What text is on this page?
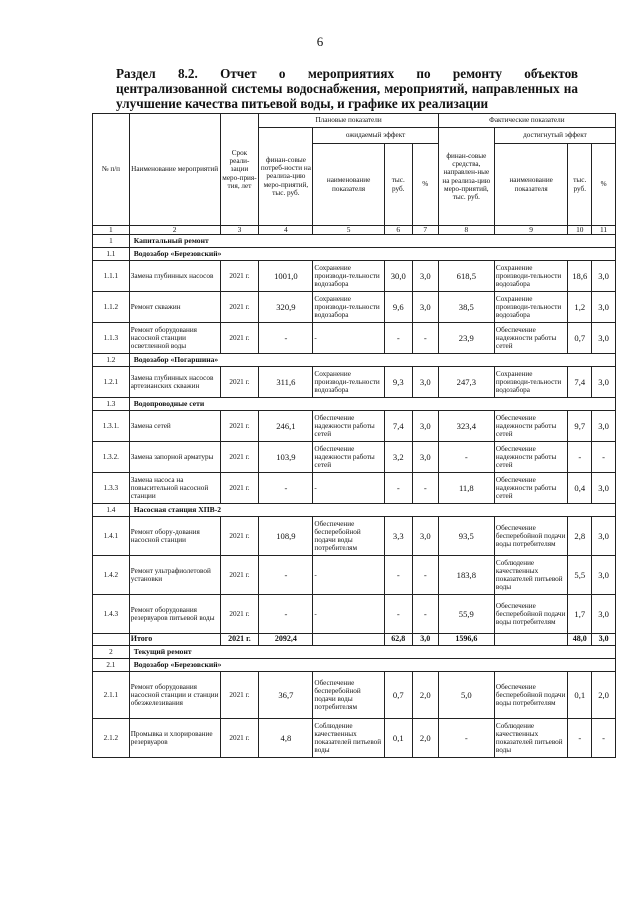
6
Раздел 8.2. Отчет о мероприятиях по ремонту объектов
централизованной системы водоснабжения, мероприятий, направленных на
улучшение качества питьевой воды, и графике их реализации
№ п/п	Наименование мероприятий	Срок реали-зации меро-прия-тия, лет	Плановые показатели				Фактические показатели			
			финан-совые потреб-ности на реализа-цию меро-приятий, тыс. руб.	ожидаемый эффект			финан-совые средства, направлен-ные на реализа-цию меро-приятий, тыс. руб.	достигнутый эффект		
				наименование показателя	тыс. руб.	%		наименование показателя	тыс. руб.	%
1	2	3	4	5	6	7	8	9	10	11
1	Капитальный ремонт									
1.1	Водозабор «Березовский»									
1.1.1	Замена глубинных насосов	2021 г.	1001,0	Сохранение производи-тельности водозабора	30,0	3,0	618,5	Сохранение производи-тельности водозабора	18,6	3,0
1.1.2	Ремонт скважин	2021 г.	320,9	Сохранение производи-тельности водозабора	9,6	3,0	38,5	Сохранение производи-тельности водозабора	1,2	3,0
1.1.3	Ремонт оборудования насосной станции осветленной воды	2021 г.	-	-	-	-	23,9	Обеспечение надежности работы сетей	0,7	3,0
1.2	Водозабор «Погаршина»									
1.2.1	Замена глубинных насосов артезианских скважин	2021 г.	311,6	Сохранение производи-тельности водозабора	9,3	3,0	247,3	Сохранение производи-тельности водозабора	7,4	3,0
1.3	Водопроводные сети									
1.3.1.	Замена сетей	2021 г.	246,1	Обеспечение надежности работы сетей	7,4	3,0	323,4	Обеспечение надежности работы сетей	9,7	3,0
1.3.2.	Замена запорной арматуры	2021 г.	103,9	Обеспечение надежности работы сетей	3,2	3,0	-	Обеспечение надежности работы сетей	-	-
1.3.3	Замена насоса на повысительной насосной станции	2021 г.	-	-	-	-	11,8	Обеспечение надежности работы сетей	0,4	3,0
1.4	Насосная станция ХПВ-2									
1.4.1	Ремонт обору-дования насосной станции	2021 г.	108,9	Обеспечение бесперебойной подачи воды потребителям	3,3	3,0	93,5	Обеспечение бесперебойной подачи воды потребителям	2,8	3,0
1.4.2	Ремонт ультрафиолетовой установки	2021 г.	-	-	-	-	183,8	Соблюдение качественных показателей питьевой воды	5,5	3,0
1.4.3	Ремонт оборудования резервуаров питьевой воды	2021 г.	-	-	-	-	55,9	Обеспечение бесперебойной подачи воды потребителям	1,7	3,0
	Итого	2021 г.	2092,4		62,8	3,0	1596,6		48,0	3,0
2	Текущий ремонт									
2.1	Водозабор «Березовский»									
2.1.1	Ремонт оборудования насосной станции и станции обезжелезивания	2021 г.	36,7	Обеспечение бесперебойной подачи воды потребителям	0,7	2,0	5,0	Обеспечение бесперебойной подачи воды потребителям	0,1	2,0
2.1.2	Промывка и хлорирование резервуаров	2021 г.	4,8	Соблюдение качественных показателей питьевой воды	0,1	2,0	-	Соблюдение качественных показателей питьевой воды	-	-
